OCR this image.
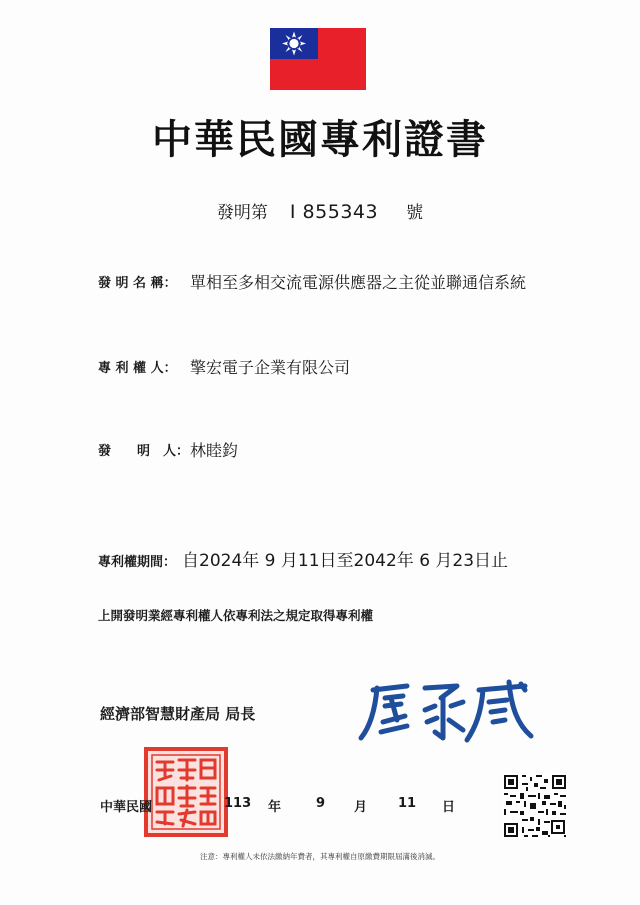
中華民國專利證書
發明第 I 855343 號
發 明 名 稱： 單相至多相交流電源供應器之主從並聯通信系統
專 利 權 人： 擎宏電子企業有限公司
發　　明　人： 林睦鈞
專利權期間： 自2024年 9 月11日至2042年 6 月23日止
上開發明業經專利權人依專利法之規定取得專利權
經濟部智慧財產局 局長
中華民國	113 年	9 月 11 日
注意：專利權人未依法繳納年費者，其專利權自原繳費期限屆滿後消滅。
